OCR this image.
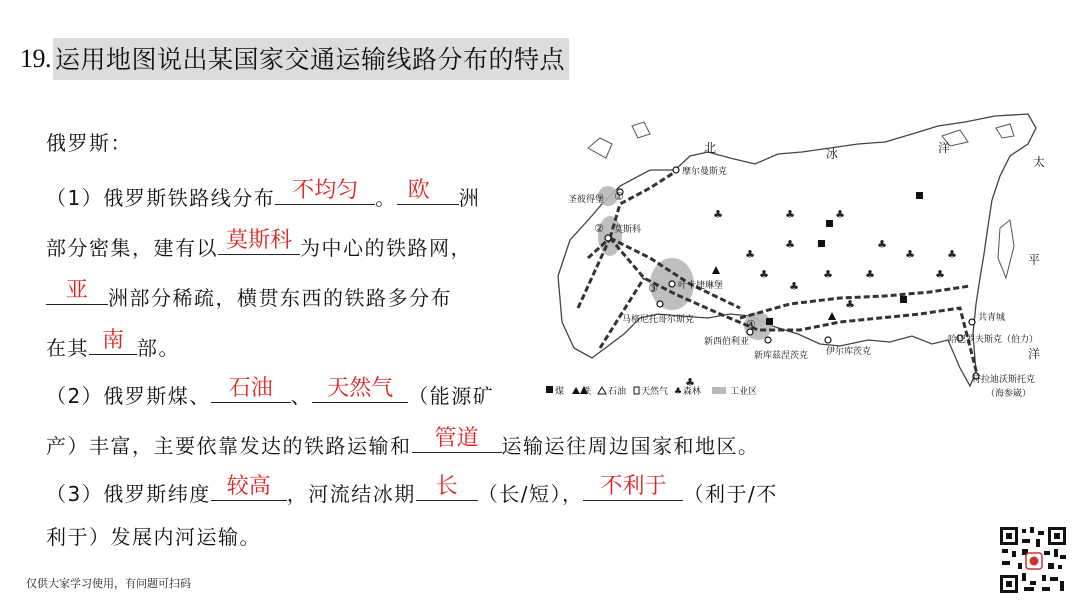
19. 运用地图说出某国家交通运输线路分布的特点
俄罗斯：
（1）俄罗斯铁路线分布 不均匀 。 欧	洲
部分密集，建有以 莫斯科 为中心的铁路网，
亚	洲部分稀疏，横贯东西的铁路多分布
在其 南 部。
（2）俄罗斯煤、 石油 、 天然气 （能源矿
产）丰富，主要依靠发达的铁路运输和	管道	运输运往周边国家和地区。
（3）俄罗斯纬度 较高 ，河流结冰期 长	（长/短）， 不利于 （利于/不
利于）发展内河运输。
♣	♣
♣
♣
♣	♣
♣
♣
♣
♣
♣
♣
♣
♣
♣
北	冰	洋
太
平
洋
摩尔曼斯克
圣彼得堡
莫斯科
叶卡捷琳堡
马格尼托哥尔斯克
新西伯利亚
新库兹涅茨克 伊尔库茨克
共青城
哈巴罗夫斯克（伯力）
符拉迪沃斯托克
（海参崴）
①
②
③
④
煤 铁 石油 天然气 ♣ 森林	工业区
仅供大家学习使用，有问题可扫码
